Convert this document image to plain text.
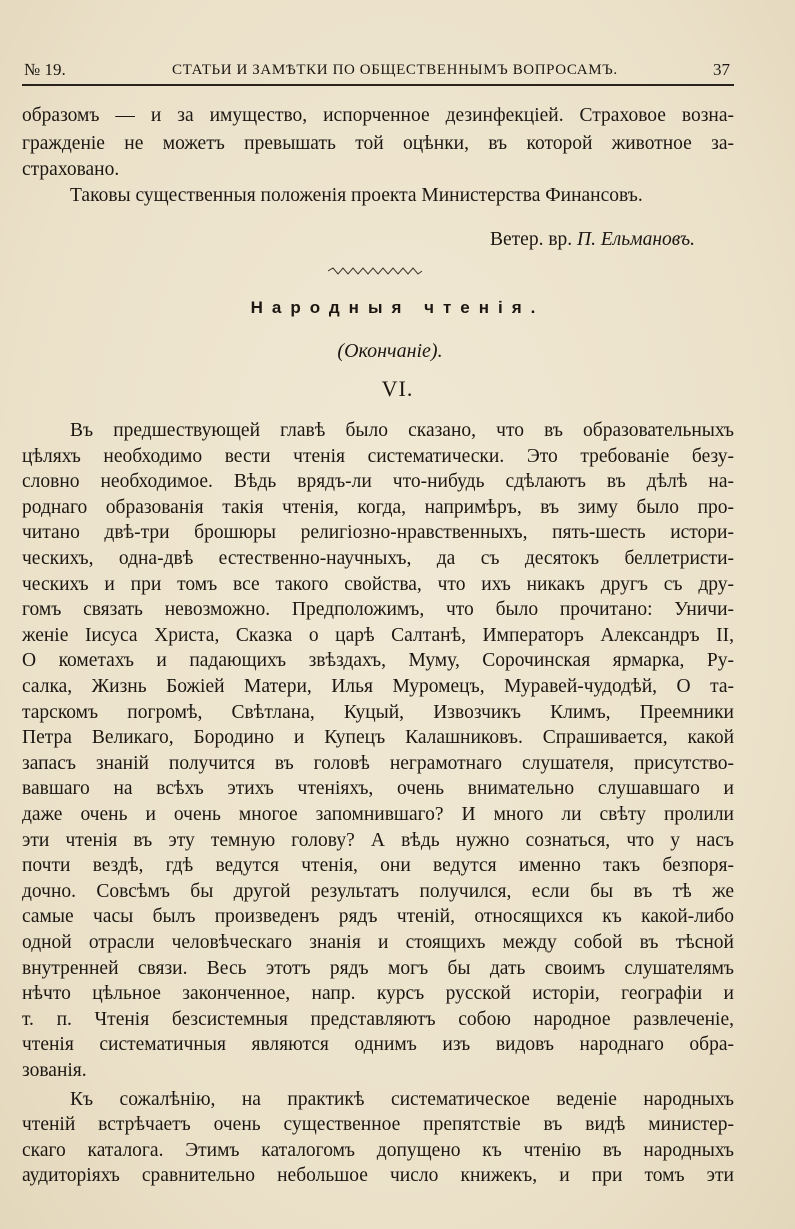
№ 19.	СТАТЬИ И ЗАМѢТКИ ПО ОБЩЕСТВЕННЫМЪ ВОПРОСАМЪ.	37
образомъ — и за имущество, испорченное дезинфекціей. Страховое возна-
гражденіе не можетъ превышать той оцѣнки, въ которой животное за-
страховано.
Таковы существенныя положенія проекта Министерства Финансовъ.
Ветер. вр. П. Ельмановъ.
Народныя чтенія.
(Окончаніе).
VI.
Въ предшествующей главѣ было сказано, что въ образовательныхъ
цѣляхъ необходимо вести чтенія систематически. Это требованіе безу-
словно необходимое. Вѣдь врядъ-ли что-нибудь сдѣлаютъ въ дѣлѣ на-
роднаго образованія такія чтенія, когда, напримѣръ, въ зиму было про-
читано двѣ-три брошюры религіозно-нравственныхъ, пять-шесть истори-
ческихъ, одна-двѣ естественно-научныхъ, да съ десятокъ беллетристи-
ческихъ и при томъ все такого свойства, что ихъ никакъ другъ съ дру-
гомъ связать невозможно. Предположимъ, что было прочитано: Уничи-
женіе Іисуса Христа, Сказка о царѣ Салтанѣ, Императоръ Александръ II,
О кометахъ и падающихъ звѣздахъ, Муму, Сорочинская ярмарка, Ру-
салка, Жизнь Божіей Матери, Илья Муромецъ, Муравей-чудодѣй, О та-
тарскомъ погромѣ, Свѣтлана, Куцый, Извозчикъ Климъ, Преемники
Петра Великаго, Бородино и Купецъ Калашниковъ. Спрашивается, какой
запасъ знаній получится въ головѣ неграмотнаго слушателя, присутство-
вавшаго на всѣхъ этихъ чтеніяхъ, очень внимательно слушавшаго и
даже очень и очень многое запомнившаго? И много ли свѣту пролили
эти чтенія въ эту темную голову? А вѣдь нужно сознаться, что у насъ
почти вездѣ, гдѣ ведутся чтенія, они ведутся именно такъ безпоря-
дочно. Совсѣмъ бы другой результатъ получился, если бы въ тѣ же
самые часы былъ произведенъ рядъ чтеній, относящихся къ какой-либо
одной отрасли человѣческаго знанія и стоящихъ между собой въ тѣсной
внутренней связи. Весь этотъ рядъ могъ бы дать своимъ слушателямъ
нѣчто цѣльное законченное, напр. курсъ русской исторіи, географіи и
т. п. Чтенія безсистемныя представляютъ собою народное развлеченіе,
чтенія систематичныя являются однимъ изъ видовъ народнаго обра-
зованія.
Къ сожалѣнію, на практикѣ систематическое веденіе народныхъ
чтеній встрѣчаетъ очень существенное препятствіе въ видѣ министер-
скаго каталога. Этимъ каталогомъ допущено къ чтенію въ народныхъ
аудиторіяхъ сравнительно небольшое число книжекъ, и при томъ эти
